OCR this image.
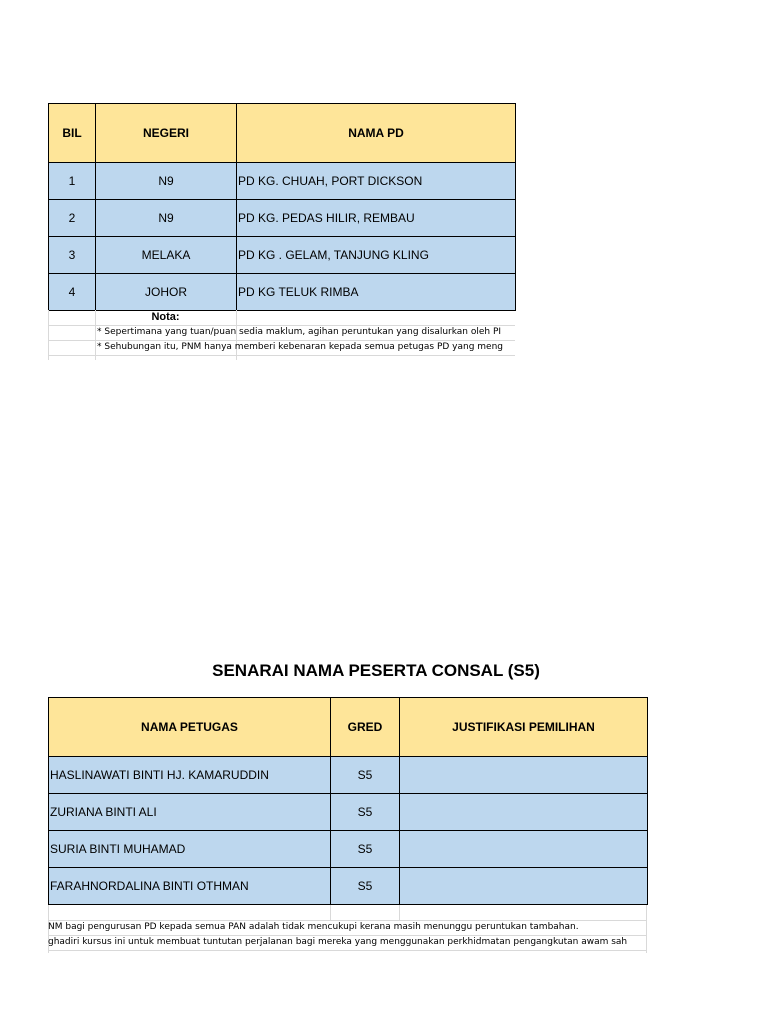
BIL	NEGERI	NAMA PD
1	N9	PD KG. CHUAH, PORT DICKSON
2	N9	PD KG. PEDAS HILIR, REMBAU
3	MELAKA	PD KG . GELAM, TANJUNG KLING
4	JOHOR	PD KG TELUK RIMBA
Nota:
* Sepertimana yang tuan/puan sedia maklum, agihan peruntukan yang disalurkan oleh PI
* Sehubungan itu, PNM hanya memberi kebenaran kepada semua petugas PD yang meng
SENARAI NAMA PESERTA CONSAL (S5)
NAMA PETUGAS	GRED	JUSTIFIKASI PEMILIHAN
HASLINAWATI BINTI HJ. KAMARUDDIN	S5	
ZURIANA BINTI ALI	S5	
SURIA BINTI MUHAMAD	S5	
FARAHNORDALINA BINTI OTHMAN	S5	
NM bagi pengurusan PD kepada semua PAN adalah tidak mencukupi kerana masih menunggu peruntukan tambahan.
ghadiri kursus ini untuk membuat tuntutan perjalanan bagi mereka yang menggunakan perkhidmatan pengangkutan awam sah
